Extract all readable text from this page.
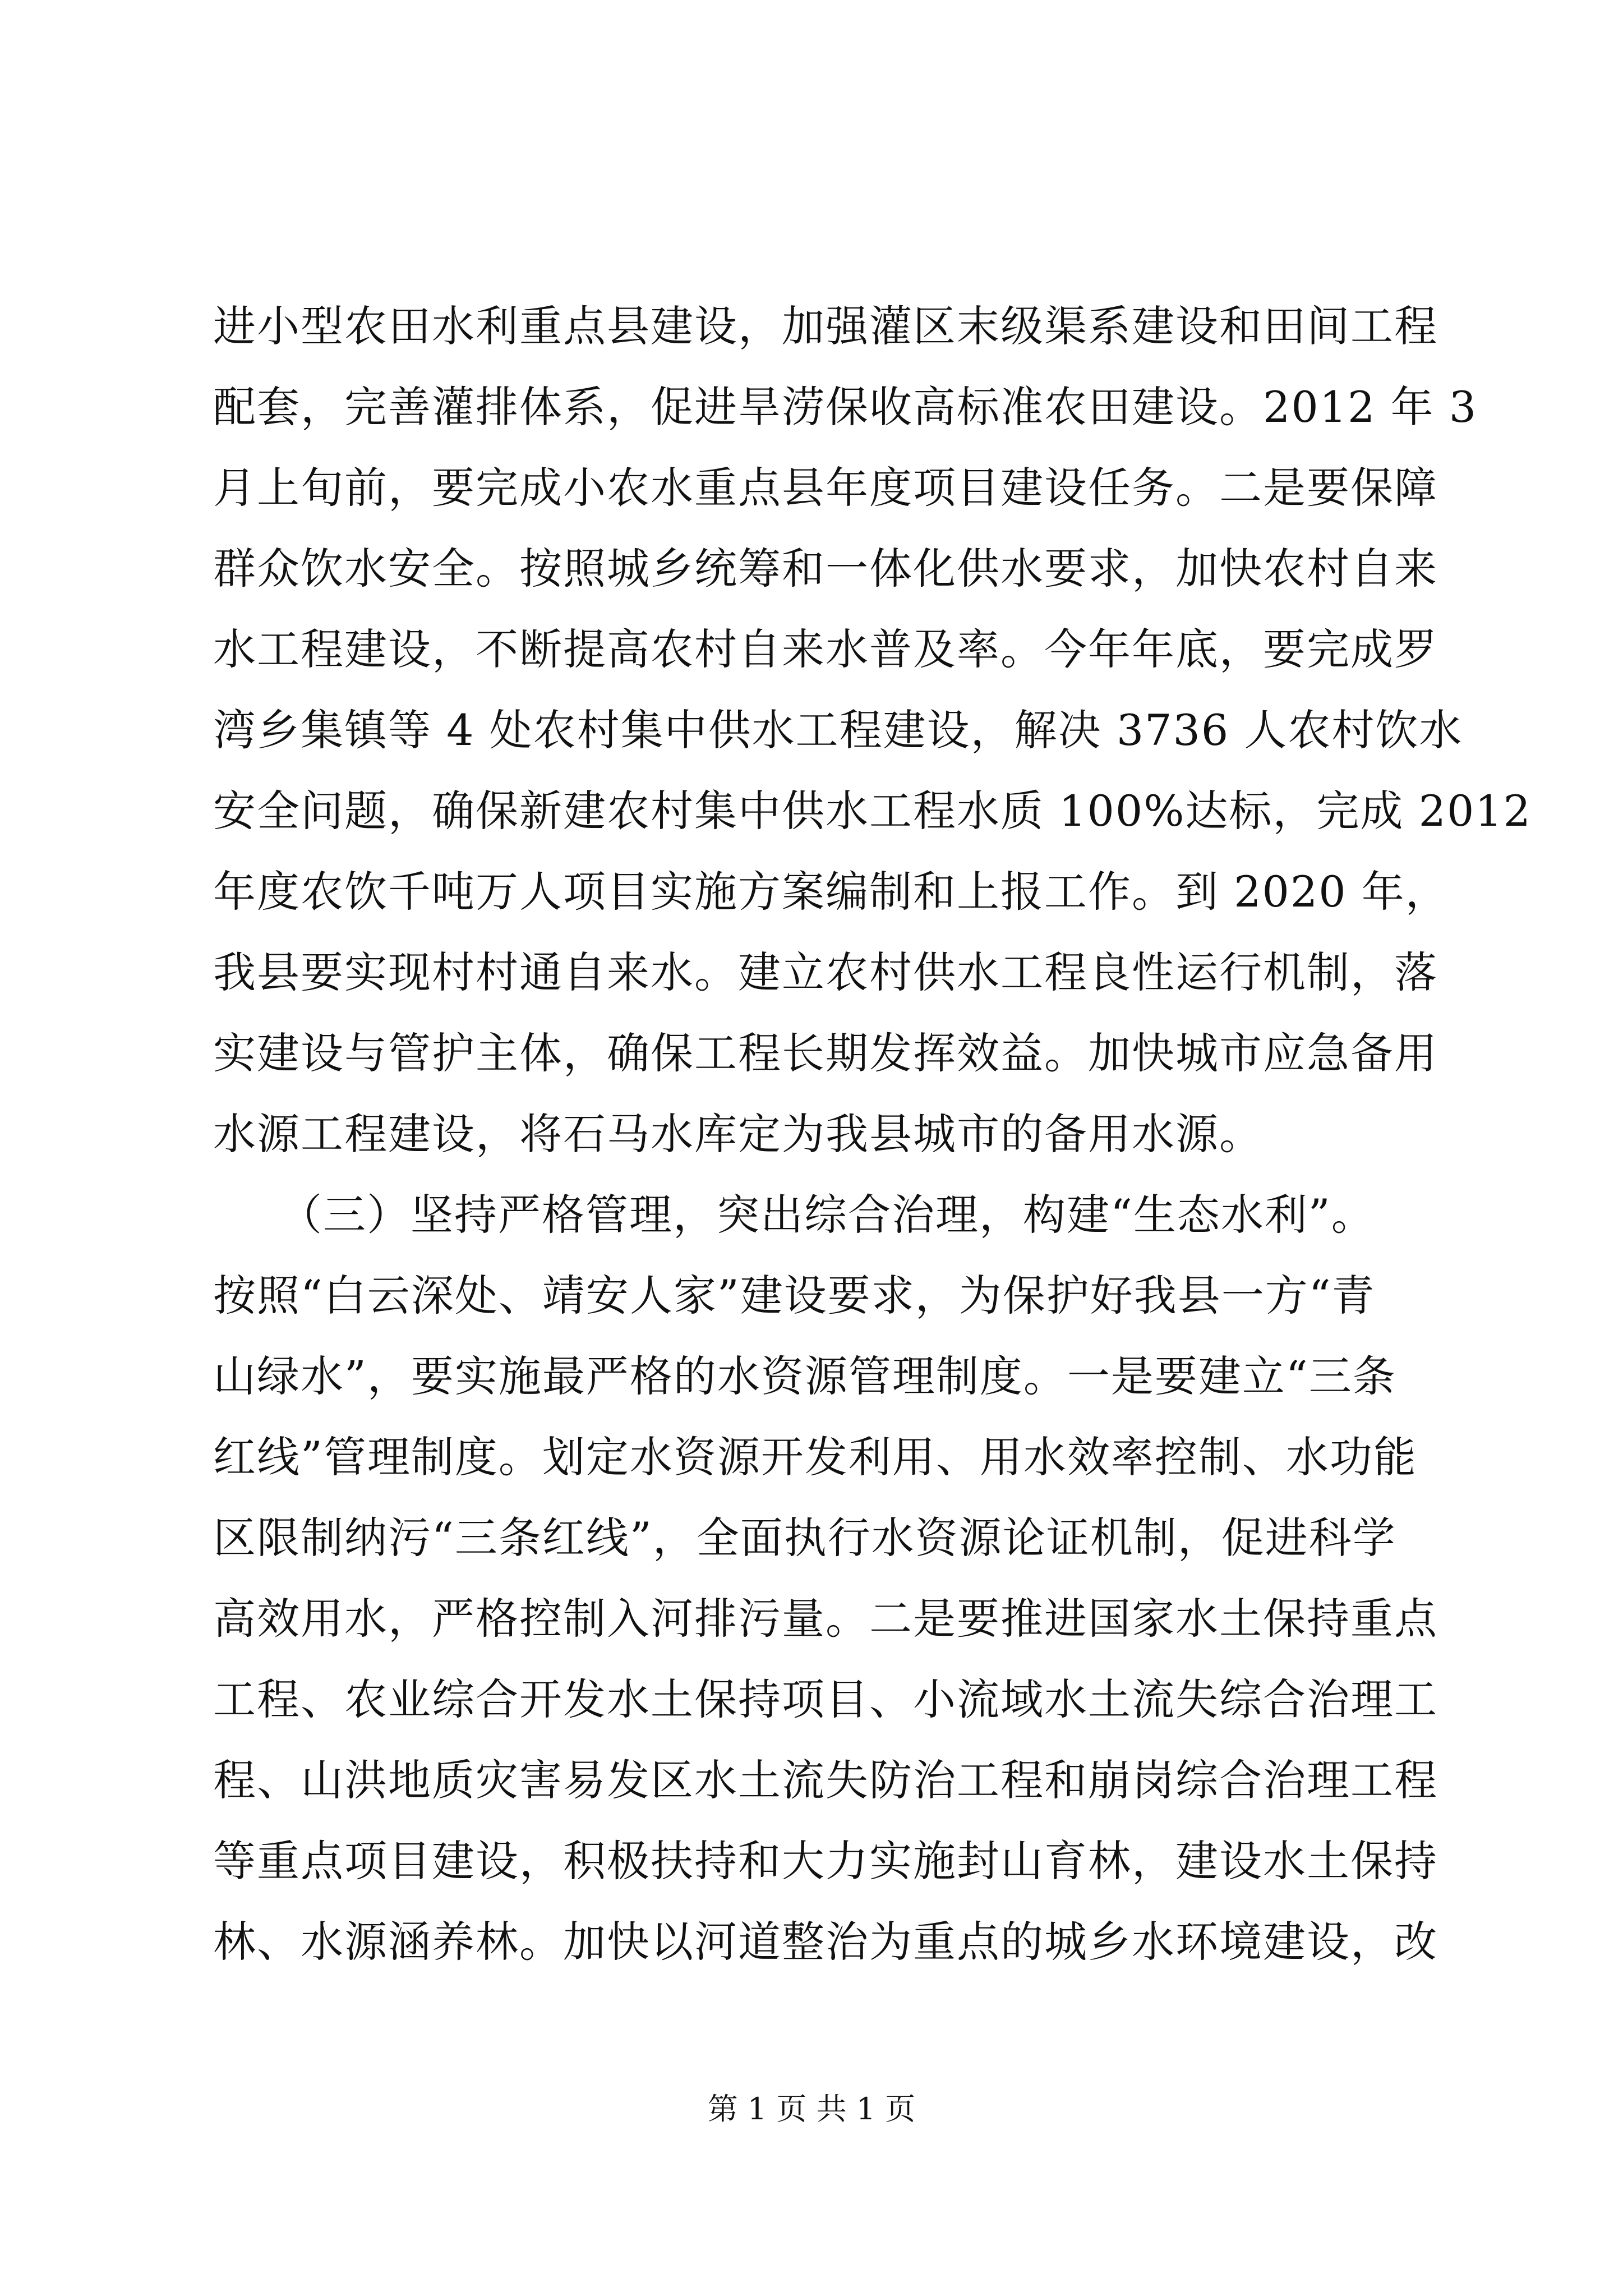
进小型农田水利重点县建设，加强灌区末级渠系建设和田间工程
配套，完善灌排体系，促进旱涝保收高标准农田建设。2012 年 3
月上旬前，要完成小农水重点县年度项目建设任务。二是要保障
群众饮水安全。按照城乡统筹和一体化供水要求，加快农村自来
水工程建设，不断提高农村自来水普及率。今年年底，要完成罗
湾乡集镇等 4 处农村集中供水工程建设，解决 3736 人农村饮水
安全问题，确保新建农村集中供水工程水质 100%达标，完成 2012
年度农饮千吨万人项目实施方案编制和上报工作。到 2020 年，
我县要实现村村通自来水。建立农村供水工程良性运行机制，落
实建设与管护主体，确保工程长期发挥效益。加快城市应急备用
水源工程建设，将石马水库定为我县城市的备用水源。
　　（三）坚持严格管理，突出综合治理，构建“生态水利”。
按照“白云深处、靖安人家”建设要求，为保护好我县一方“青
山绿水”，要实施最严格的水资源管理制度。一是要建立“三条
红线”管理制度。划定水资源开发利用、用水效率控制、水功能
区限制纳污“三条红线”，全面执行水资源论证机制，促进科学
高效用水，严格控制入河排污量。二是要推进国家水土保持重点
工程、农业综合开发水土保持项目、小流域水土流失综合治理工
程、山洪地质灾害易发区水土流失防治工程和崩岗综合治理工程
等重点项目建设，积极扶持和大力实施封山育林，建设水土保持
林、水源涵养林。加快以河道整治为重点的城乡水环境建设，改
第 1 页 共 1 页
